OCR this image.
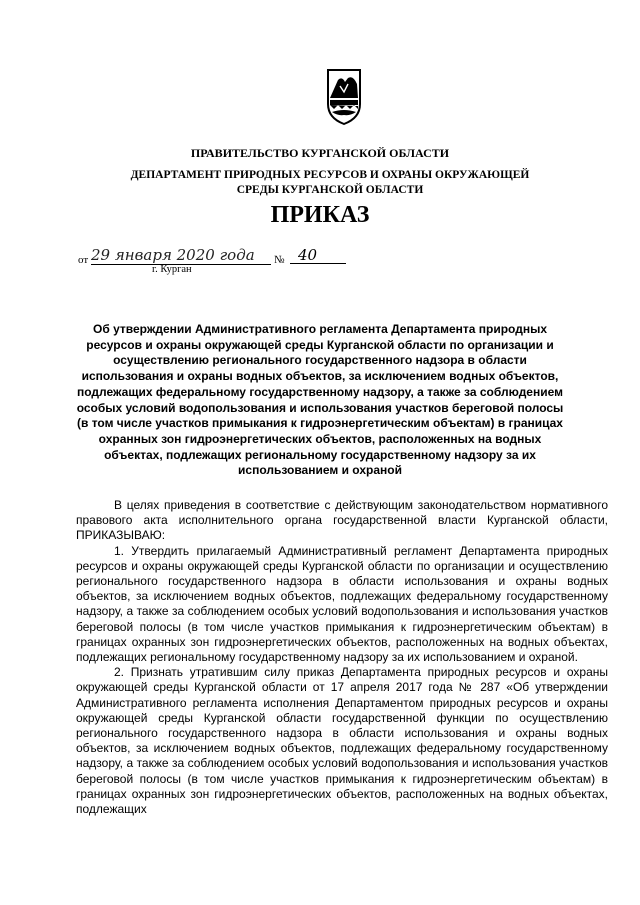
ПРАВИТЕЛЬСТВО КУРГАНСКОЙ ОБЛАСТИ
ДЕПАРТАМЕНТ ПРИРОДНЫХ РЕСУРСОВ И ОХРАНЫ ОКРУЖАЮЩЕЙ СРЕДЫ КУРГАНСКОЙ ОБЛАСТИ
ПРИКАЗ
от 29 января 2020 года	№ 40
г. Курган
Об утверждении Административного регламента Департамента природных ресурсов и охраны окружающей среды Курганской области по организации и осуществлению регионального государственного надзора в области использования и охраны водных объектов, за исключением водных объектов, подлежащих федеральному государственному надзору, а также за соблюдением особых условий водопользования и использования участков береговой полосы (в том числе участков примыкания к гидроэнергетическим объектам) в границах охранных зон гидроэнергетических объектов, расположенных на водных объектах, подлежащих региональному государственному надзору за их использованием и охраной

В целях приведения в соответствие с действующим законодательством нормативного правового акта исполнительного органа государственной власти Курганской области, ПРИКАЗЫВАЮ:

1. Утвердить прилагаемый Административный регламент Департамента природных ресурсов и охраны окружающей среды Курганской области по организации и осуществлению регионального государственного надзора в области использования и охраны водных объектов, за исключением водных объектов, подлежащих федеральному государственному надзору, а также за соблюдением особых условий водопользования и использования участков береговой полосы (в том числе участков примыкания к гидроэнергетическим объектам) в границах охранных зон гидроэнергетических объектов, расположенных на водных объектах, подлежащих региональному государственному надзору за их использованием и охраной.

2. Признать утратившим силу приказ Департамента природных ресурсов и охраны окружающей среды Курганской области от 17 апреля 2017 года № 287 «Об утверждении Административного регламента исполнения Департаментом природных ресурсов и охраны окружающей среды Курганской области государственной функции по осуществлению регионального государственного надзора в области использования и охраны водных объектов, за исключением водных объектов, подлежащих федеральному государственному надзору, а также за соблюдением особых условий водопользования и использования участков береговой полосы (в том числе участков примыкания к гидроэнергетическим объектам) в границах охранных зон гидроэнергетических объектов, расположенных на водных объектах, подлежащих
